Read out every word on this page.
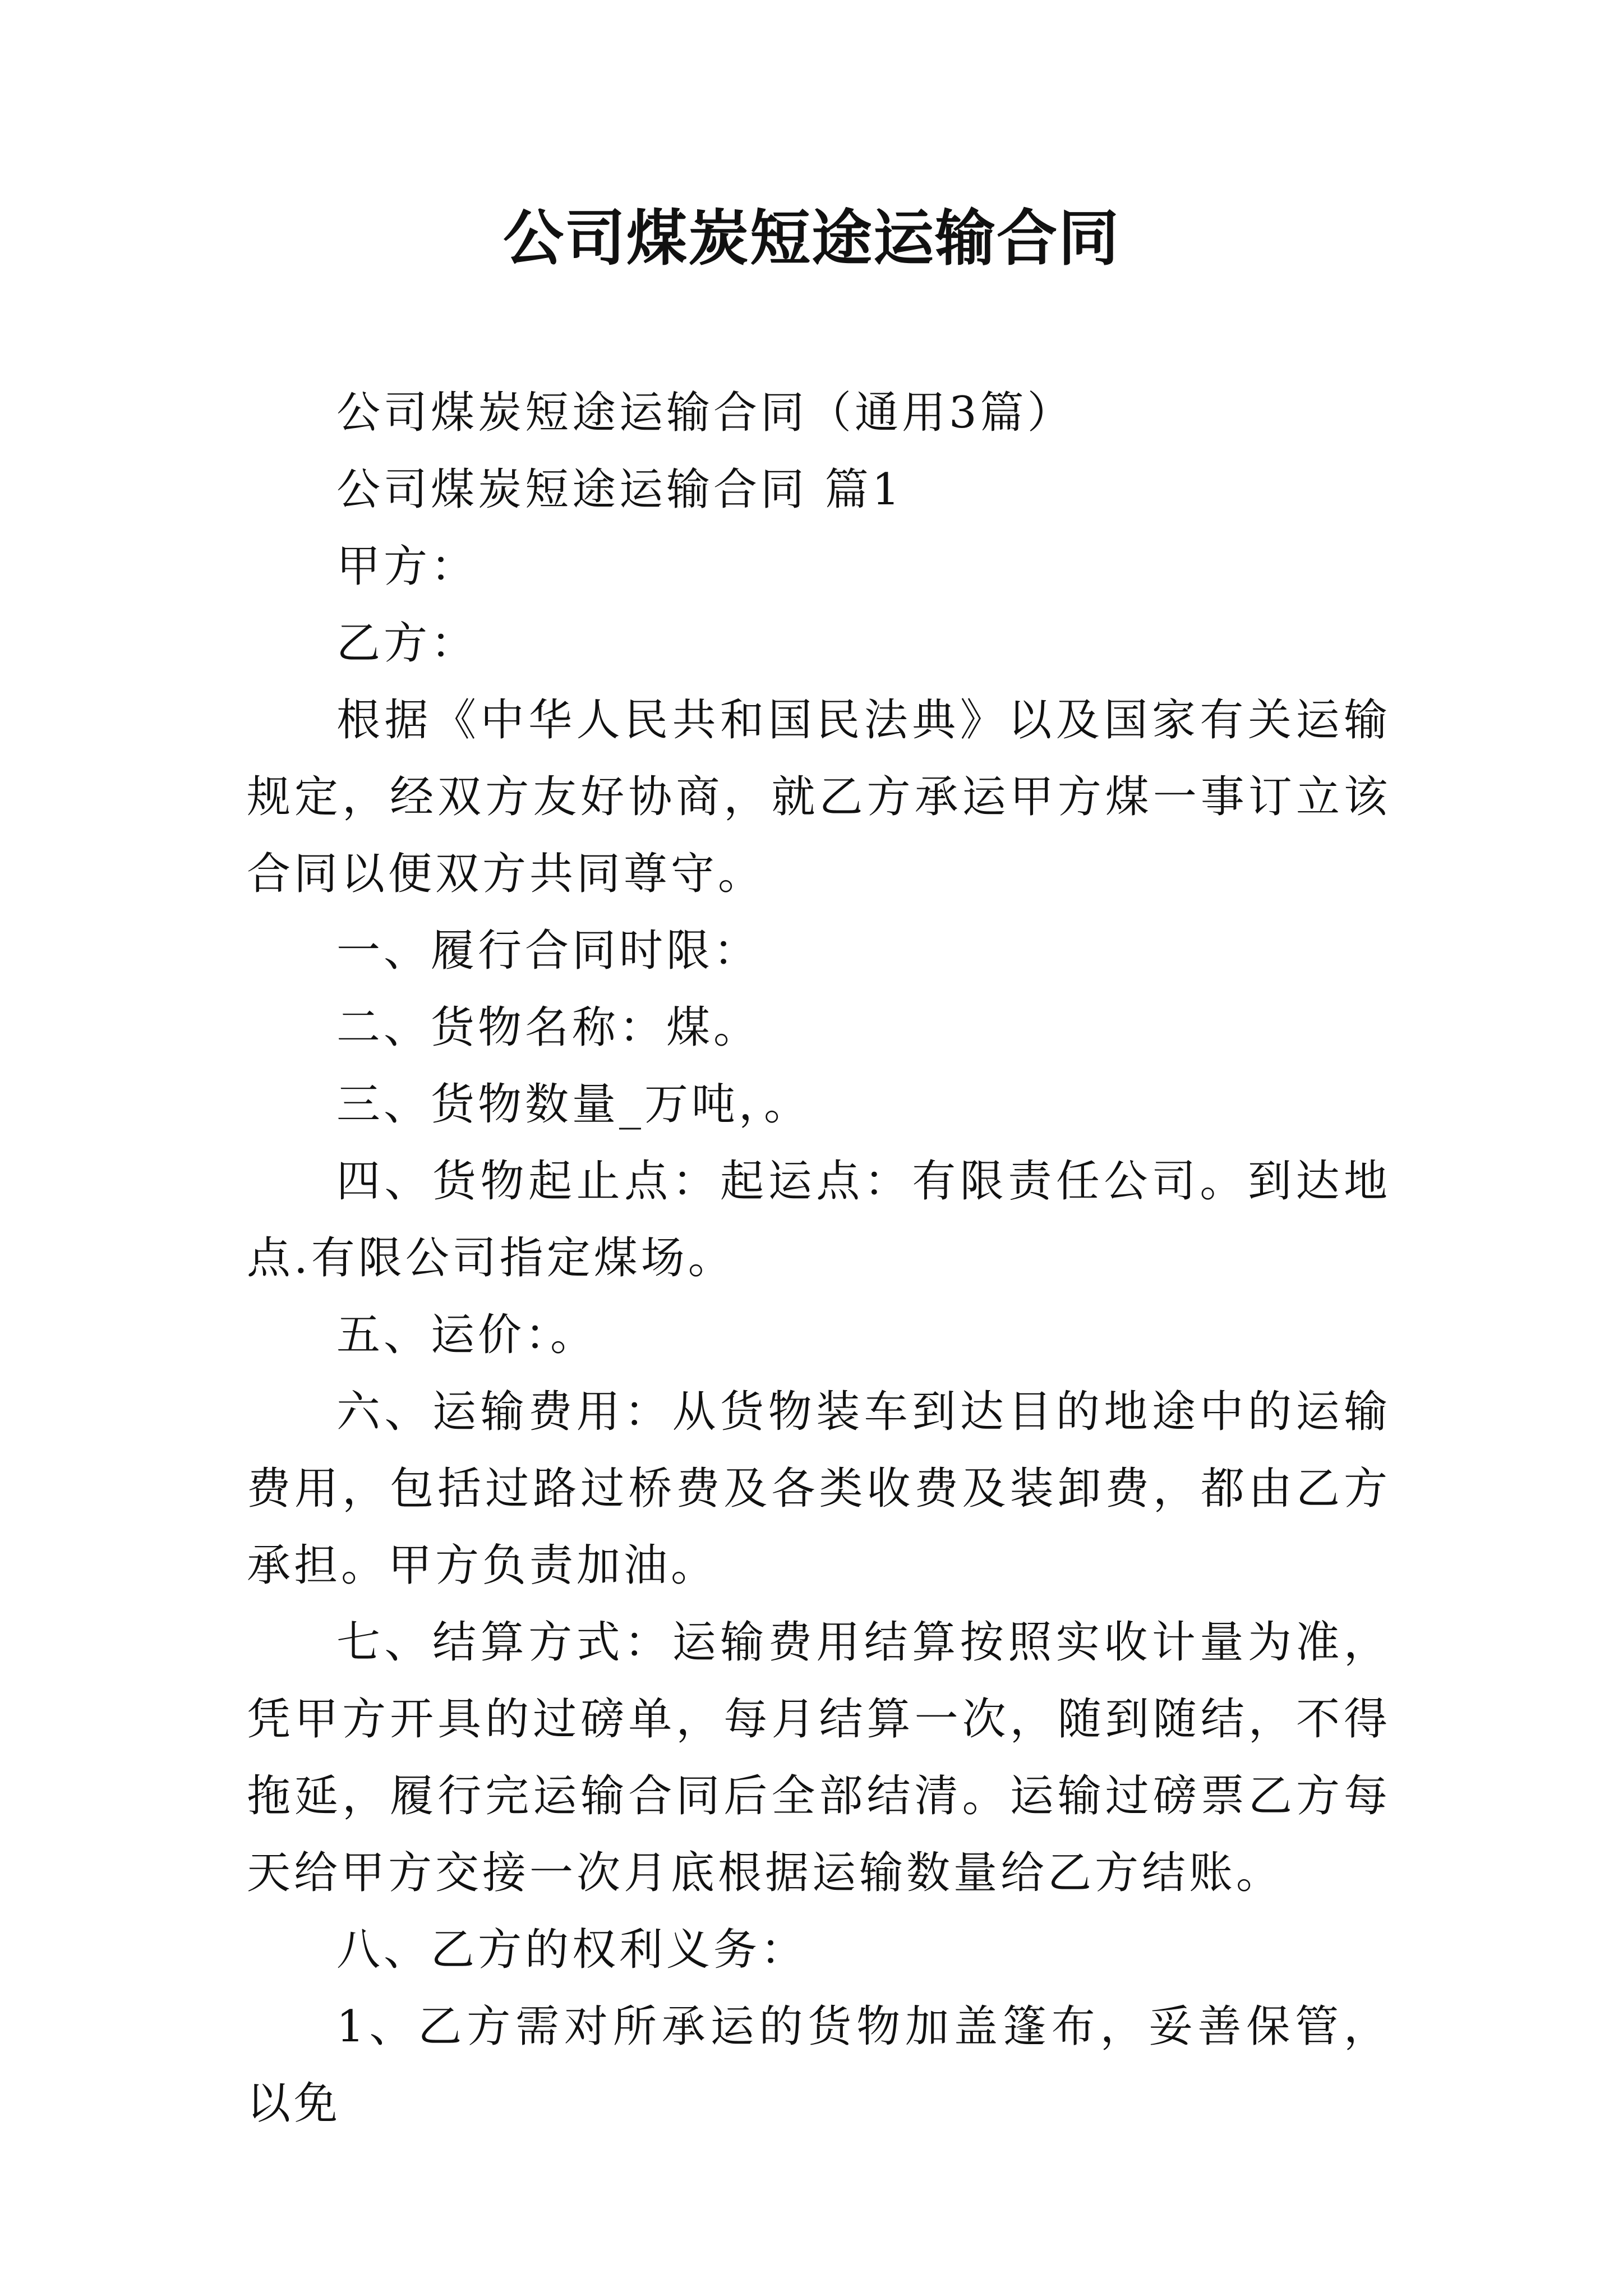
公司煤炭短途运输合同

公司煤炭短途运输合同（通用3篇）

公司煤炭短途运输合同 篇1

甲方：

乙方：

根据《中华人民共和国民法典》以及国家有关运输规定，经双方友好协商，就乙方承运甲方煤一事订立该合同以便双方共同尊守。

一、履行合同时限：

二、货物名称：煤。

三、货物数量_万吨，。

四、货物起止点：起运点：有限责任公司。到达地点.有限公司指定煤场。

五、运价：。

六、运输费用：从货物装车到达目的地途中的运输费用，包括过路过桥费及各类收费及装卸费，都由乙方承担。甲方负责加油。

七、结算方式：运输费用结算按照实收计量为准，凭甲方开具的过磅单，每月结算一次，随到随结，不得拖延，履行完运输合同后全部结清。运输过磅票乙方每天给甲方交接一次月底根据运输数量给乙方结账。

八、乙方的权利义务：

1、乙方需对所承运的货物加盖篷布，妥善保管，以免
